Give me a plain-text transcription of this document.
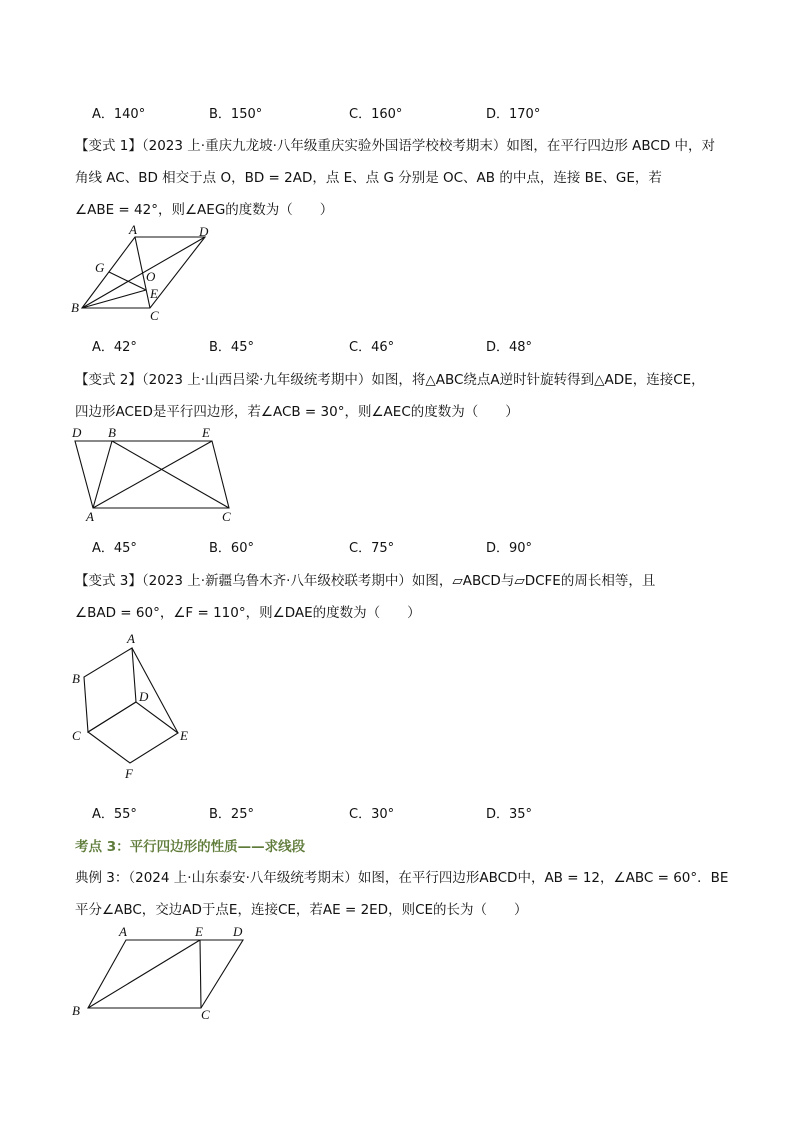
A．140°	B．150°	C．160°	D．170°
【变式 1】（2023 上·重庆九龙坡·八年级重庆实验外国语学校校考期末）如图，在平行四边形 ABCD 中，对
角线 AC、BD 相交于点 O，BD = 2AD，点 E、点 G 分别是 OC、AB 的中点，连接 BE、GE，若
∠ABE = 42°，则∠AEG的度数为（　　）
A	D
G
O
B
E
C
A．42°	B．45°	C．46°	D．48°
【变式 2】（2023 上·山西吕梁·九年级统考期中）如图，将△ABC绕点A逆时针旋转得到△ADE，连接CE，
四边形ACED是平行四边形，若∠ACB = 30°，则∠AEC的度数为（　　）
D B	E
A	C
A．45°	B．60°	C．75°	D．90°
【变式 3】（2023 上·新疆乌鲁木齐·八年级校联考期中）如图，▱ABCD与▱DCFE的周长相等，且
∠BAD = 60°，∠F = 110°，则∠DAE的度数为（　　）
A
B
D
C	E
F
A．55°	B．25°	C．30°	D．35°
考点 3：平行四边形的性质——求线段
典例 3：（2024 上·山东泰安·八年级统考期末）如图，在平行四边形ABCD中，AB = 12，∠ABC = 60°．BE
平分∠ABC，交边AD于点E，连接CE，若AE = 2ED，则CE的长为（　　）
A	E D
B	C
